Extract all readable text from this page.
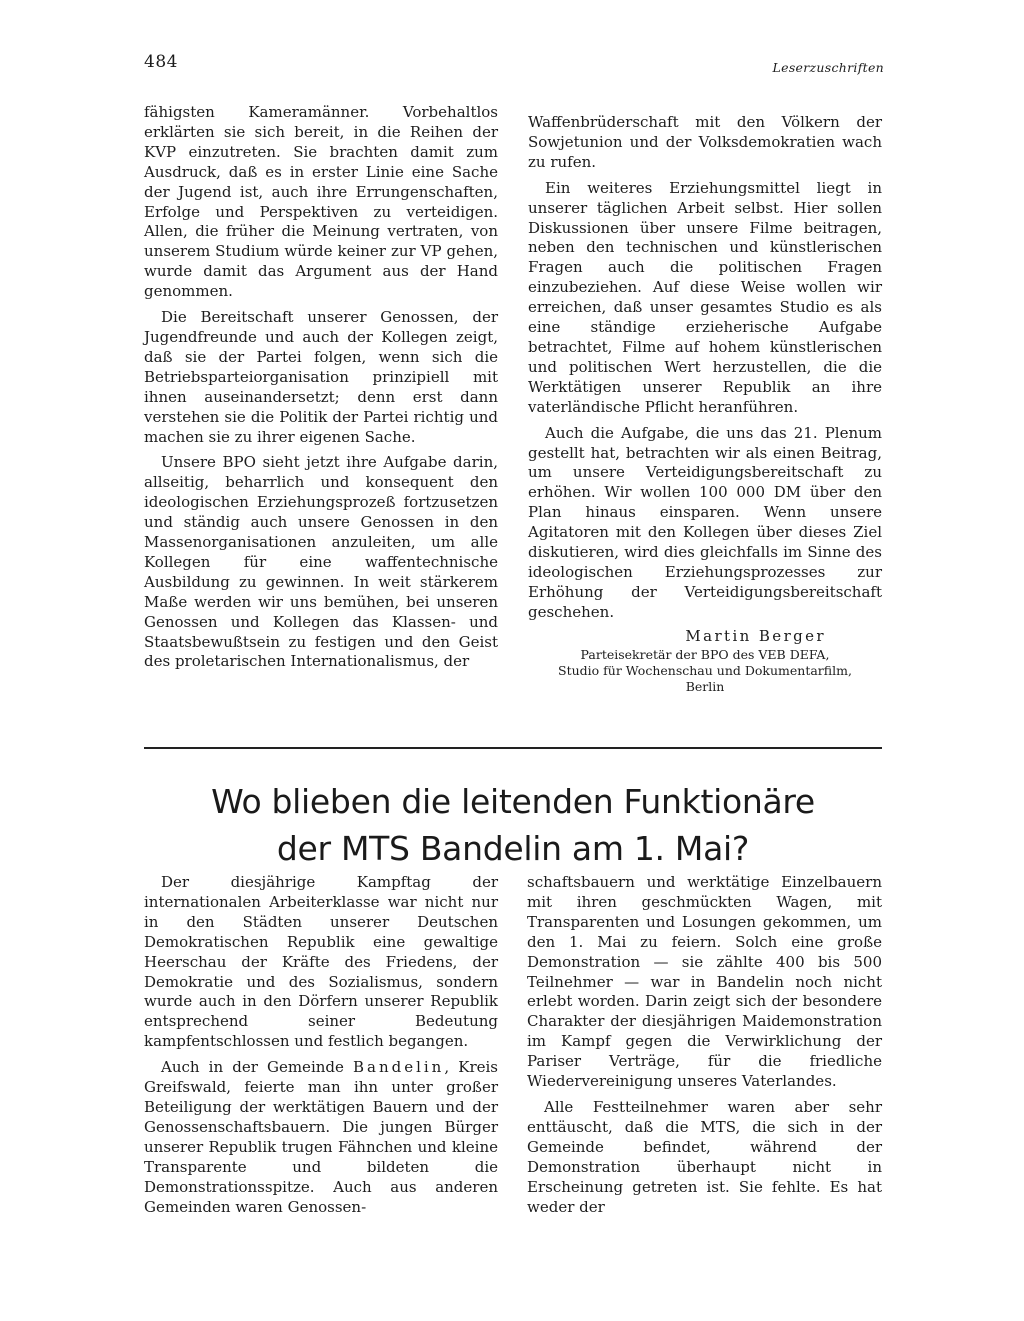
484	Leserzuschriften

fähigsten Kameramänner. Vorbehaltlos erklärten sie sich bereit, in die Reihen der KVP einzutreten. Sie brachten damit zum Ausdruck, daß es in erster Linie eine Sache der Jugend ist, auch ihre Errungenschaften, Erfolge und Perspektiven zu verteidigen. Allen, die früher die Meinung vertraten, von unserem Studium würde keiner zur VP gehen, wurde damit das Argument aus der Hand genommen.

Die Bereitschaft unserer Genossen, der Jugendfreunde und auch der Kollegen zeigt, daß sie der Partei folgen, wenn sich die Betriebsparteiorganisation prinzipiell mit ihnen auseinandersetzt; denn erst dann verstehen sie die Politik der Partei richtig und machen sie zu ihrer eigenen Sache.

Unsere BPO sieht jetzt ihre Aufgabe darin, allseitig, beharrlich und konsequent den ideologischen Erziehungsprozeß fortzusetzen und ständig auch unsere Genossen in den Massenorganisationen anzuleiten, um alle Kollegen für eine waffentechnische Ausbildung zu gewinnen. In weit stärkerem Maße werden wir uns bemühen, bei unseren Genossen und Kollegen das Klassen- und Staatsbewußtsein zu festigen und den Geist des proletarischen Internationalismus, der

Waffenbrüderschaft mit den Völkern der Sowjetunion und der Volksdemokratien wach zu rufen.

Ein weiteres Erziehungsmittel liegt in unserer täglichen Arbeit selbst. Hier sollen Diskussionen über unsere Filme beitragen, neben den technischen und künstlerischen Fragen auch die politischen Fragen einzubeziehen. Auf diese Weise wollen wir erreichen, daß unser gesamtes Studio es als eine ständige erzieherische Aufgabe betrachtet, Filme auf hohem künstlerischen und politischen Wert herzustellen, die die Werktätigen unserer Republik an ihre vaterländische Pflicht heranführen.

Auch die Aufgabe, die uns das 21. Plenum gestellt hat, betrachten wir als einen Beitrag, um unsere Verteidigungsbereitschaft zu erhöhen. Wir wollen 100 000 DM über den Plan hinaus einsparen. Wenn unsere Agitatoren mit den Kollegen über dieses Ziel diskutieren, wird dies gleichfalls im Sinne des ideologischen Erziehungsprozesses zur Erhöhung der Verteidigungsbereitschaft geschehen.

Martin Berger
Parteisekretär der BPO des VEB DEFA,
Studio für Wochenschau und Dokumentarfilm,
Berlin
Wo blieben die leitenden Funktionäre
der MTS Bandelin am 1. Mai?

Der diesjährige Kampftag der internationalen Arbeiterklasse war nicht nur in den Städten unserer Deutschen Demokratischen Republik eine gewaltige Heerschau der Kräfte des Friedens, der Demokratie und des Sozialismus, sondern wurde auch in den Dörfern unserer Republik entsprechend seiner Bedeutung kampfentschlossen und festlich begangen.

Auch in der Gemeinde Bandelin, Kreis Greifswald, feierte man ihn unter großer Beteiligung der werktätigen Bauern und der Genossenschaftsbauern. Die jungen Bürger unserer Republik trugen Fähnchen und kleine Transparente und bildeten die Demonstrationsspitze. Auch aus anderen Gemeinden waren Genossen-

schaftsbauern und werktätige Einzelbauern mit ihren geschmückten Wagen, mit Transparenten und Losungen gekommen, um den 1. Mai zu feiern. Solch eine große Demonstration — sie zählte 400 bis 500 Teilnehmer — war in Bandelin noch nicht erlebt worden. Darin zeigt sich der besondere Charakter der diesjährigen Maidemonstration im Kampf gegen die Verwirklichung der Pariser Verträge, für die friedliche Wiedervereinigung unseres Vaterlandes.

Alle Festteilnehmer waren aber sehr enttäuscht, daß die MTS, die sich in der Gemeinde befindet, während der Demonstration überhaupt nicht in Erscheinung getreten ist. Sie fehlte. Es hat weder der
